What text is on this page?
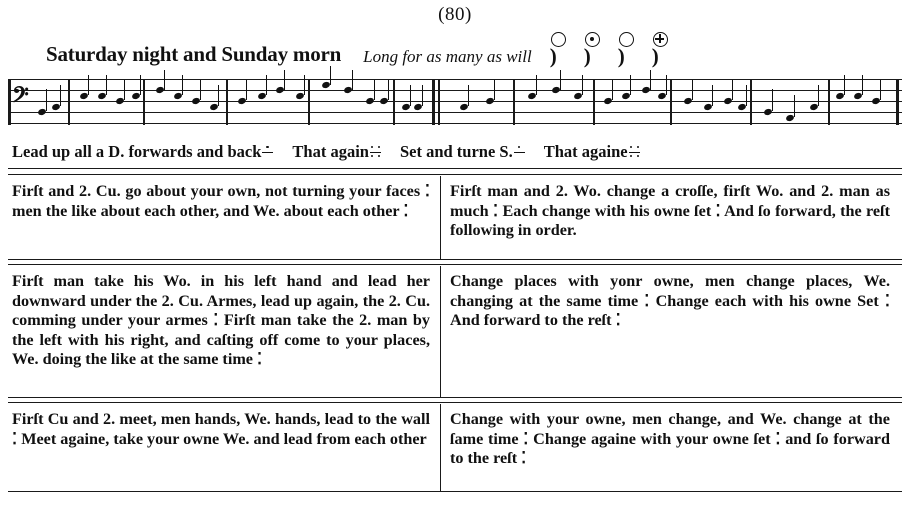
(80)
Saturday night and Sunday morn Long for as many as will ) ) ) )
𝄢
Lead up all a D. forwards and back That again Set and turne S. That againe
Firſt and 2. Cu. go about your own, not turning your faces ⁚ men the like about each other, and We. about each other ⁚
Firſt man and 2. Wo. change a croſſe, firſt Wo. and 2. man as much ⁚ Each change with his owne ſet ⁚ And ſo forward, the reſt following in order.
Firſt man take his Wo. in his left hand and lead her downward under the 2. Cu. Armes, lead up again, the 2. Cu. comming under your armes ⁚ Firſt man take the 2. man by the left with his right, and caſting off come to your places, We. doing the like at the same time ⁚
Change places with yonr owne, men change places, We. changing at the same time ⁚ Change each with his owne Set ⁚ And forward to the reſt ⁚
Firſt Cu and 2. meet, men hands, We. hands, lead to the wall ⁚ Meet againe, take your owne We. and lead from each other
Change with your owne, men change, and We. change at the ſame time ⁚ Change againe with your owne ſet ⁚ and ſo forward to the reſt ⁚
